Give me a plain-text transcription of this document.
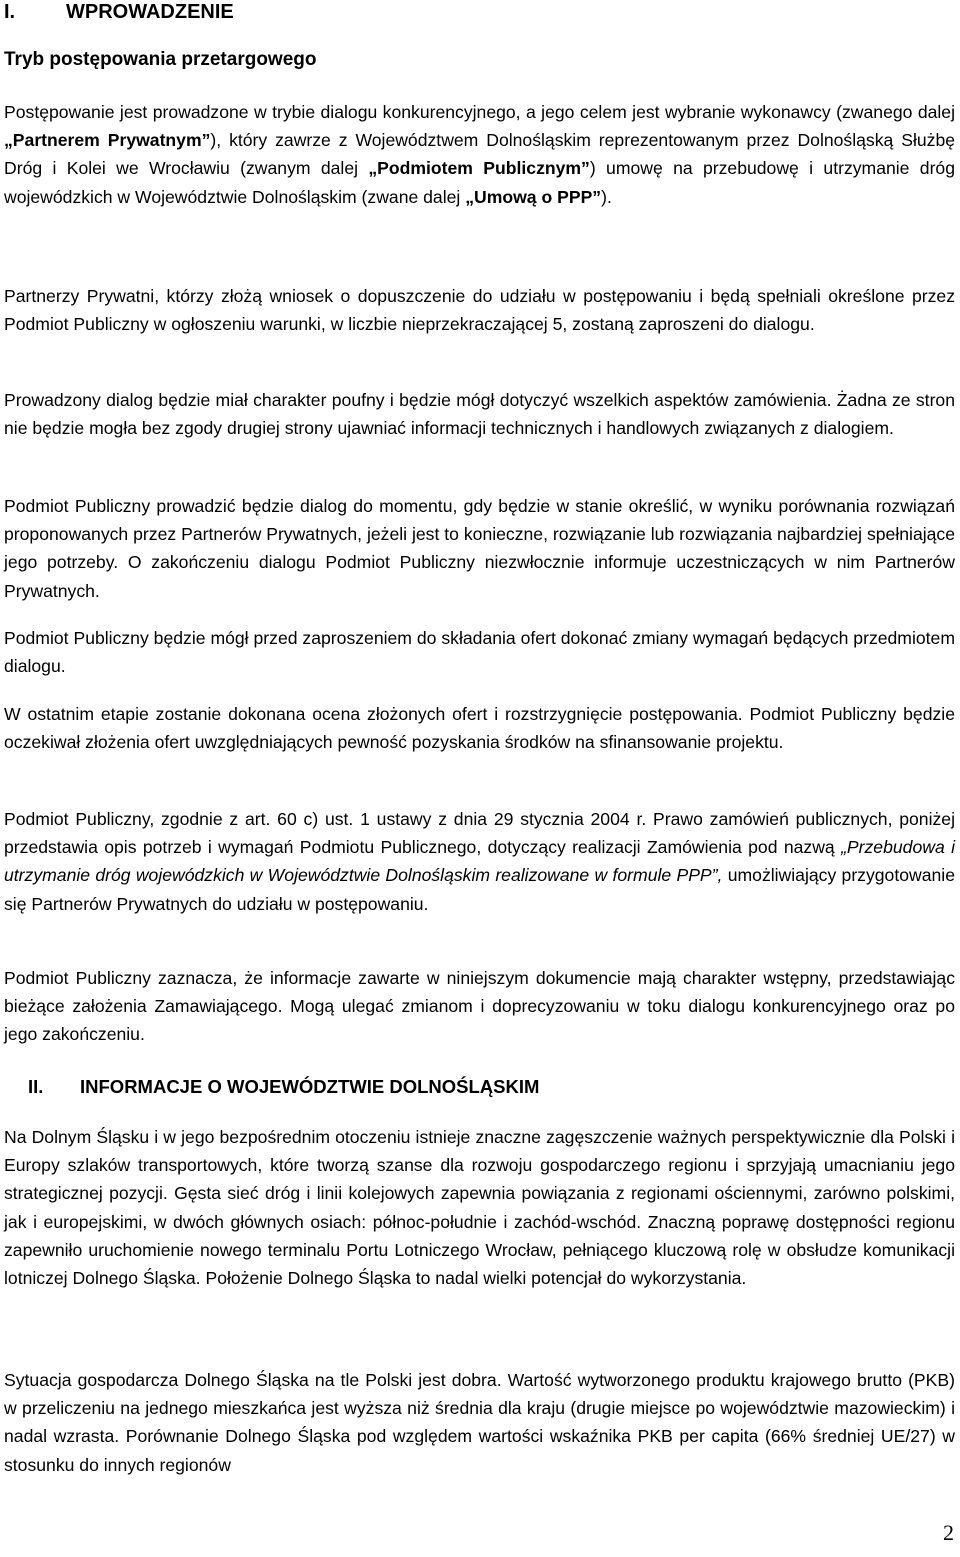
I.	WPROWADZENIE
Tryb postępowania przetargowego

Postępowanie jest prowadzone w trybie dialogu konkurencyjnego, a jego celem jest wybranie wykonawcy (zwanego dalej „Partnerem Prywatnym”), który zawrze z Województwem Dolnośląskim reprezentowanym przez Dolnośląską Służbę Dróg i Kolei we Wrocławiu (zwanym dalej „Podmiotem Publicznym”) umowę na przebudowę i utrzymanie dróg wojewódzkich w Województwie Dolnośląskim (zwane dalej „Umową o PPP”).

Partnerzy Prywatni, którzy złożą wniosek o dopuszczenie do udziału w postępowaniu i będą spełniali określone przez Podmiot Publiczny w ogłoszeniu warunki, w liczbie nieprzekraczającej 5, zostaną zaproszeni do dialogu.

Prowadzony dialog będzie miał charakter poufny i będzie mógł dotyczyć wszelkich aspektów zamówienia. Żadna ze stron nie będzie mogła bez zgody drugiej strony ujawniać informacji technicznych i handlowych związanych z dialogiem.

Podmiot Publiczny prowadzić będzie dialog do momentu, gdy będzie w stanie określić, w wyniku porównania rozwiązań proponowanych przez Partnerów Prywatnych, jeżeli jest to konieczne, rozwiązanie lub rozwiązania najbardziej spełniające jego potrzeby. O zakończeniu dialogu Podmiot Publiczny niezwłocznie informuje uczestniczących w nim Partnerów Prywatnych.

Podmiot Publiczny będzie mógł przed zaproszeniem do składania ofert dokonać zmiany wymagań będących przedmiotem dialogu.

W ostatnim etapie zostanie dokonana ocena złożonych ofert i rozstrzygnięcie postępowania. Podmiot Publiczny będzie oczekiwał złożenia ofert uwzględniających pewność pozyskania środków na sfinansowanie projektu.

Podmiot Publiczny, zgodnie z art. 60 c) ust. 1 ustawy z dnia 29 stycznia 2004 r. Prawo zamówień publicznych, poniżej przedstawia opis potrzeb i wymagań Podmiotu Publicznego, dotyczący realizacji Zamówienia pod nazwą „Przebudowa i utrzymanie dróg wojewódzkich w Województwie Dolnośląskim realizowane w formule PPP”, umożliwiający przygotowanie się Partnerów Prywatnych do udziału w postępowaniu.

Podmiot Publiczny zaznacza, że informacje zawarte w niniejszym dokumencie mają charakter wstępny, przedstawiając bieżące założenia Zamawiającego. Mogą ulegać zmianom i doprecyzowaniu w toku dialogu konkurencyjnego oraz po jego zakończeniu.

II. INFORMACJE O WOJEWÓDZTWIE DOLNOŚLĄSKIM

Na Dolnym Śląsku i w jego bezpośrednim otoczeniu istnieje znaczne zagęszczenie ważnych perspektywicznie dla Polski i Europy szlaków transportowych, które tworzą szanse dla rozwoju gospodarczego regionu i sprzyjają umacnianiu jego strategicznej pozycji. Gęsta sieć dróg i linii kolejowych zapewnia powiązania z regionami ościennymi, zarówno polskimi, jak i europejskimi, w dwóch głównych osiach: północ-południe i zachód-wschód. Znaczną poprawę dostępności regionu zapewniło uruchomienie nowego terminalu Portu Lotniczego Wrocław, pełniącego kluczową rolę w obsłudze komunikacji lotniczej Dolnego Śląska. Położenie Dolnego Śląska to nadal wielki potencjał do wykorzystania.

Sytuacja gospodarcza Dolnego Śląska na tle Polski jest dobra. Wartość wytworzonego produktu krajowego brutto (PKB) w przeliczeniu na jednego mieszkańca jest wyższa niż średnia dla kraju (drugie miejsce po województwie mazowieckim) i nadal wzrasta. Porównanie Dolnego Śląska pod względem wartości wskaźnika PKB per capita (66% średniej UE/27) w stosunku do innych regionów

2
